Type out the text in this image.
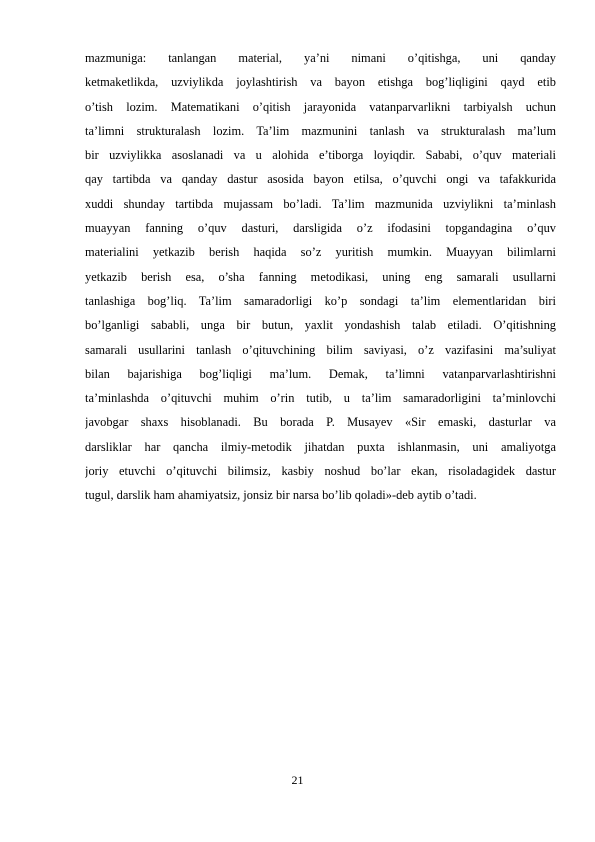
mazmuniga: tanlangan material, ya’ni nimani o’qitishga, uni qanday
ketmaketlikda, uzviylikda joylashtirish va bayon etishga bog’liqligini qayd etib
o’tish lozim. Matematikani o’qitish jarayonida vatanparvarlikni tarbiyalsh uchun
ta’limni strukturalash lozim. Ta’lim mazmunini tanlash va strukturalash ma’lum
bir uzviylikka asoslanadi va u alohida e’tiborga loyiqdir. Sababi, o’quv materiali
qay tartibda va qanday dastur asosida bayon etilsa, o’quvchi ongi va tafakkurida
xuddi shunday tartibda mujassam bo’ladi. Ta’lim mazmunida uzviylikni ta’minlash
muayyan fanning o’quv dasturi, darsligida o’z ifodasini topgandagina o’quv
materialini yetkazib berish haqida so’z yuritish mumkin. Muayyan bilimlarni
yetkazib berish esa, o’sha fanning metodikasi, uning eng samarali usullarni
tanlashiga bog’liq. Ta’lim samaradorligi ko’p sondagi ta’lim elementlaridan biri
bo’lganligi sababli, unga bir butun, yaxlit yondashish talab etiladi. O’qitishning
samarali usullarini tanlash o’qituvchining bilim saviyasi, o’z vazifasini ma’suliyat
bilan bajarishiga bog’liqligi ma’lum. Demak, ta’limni vatanparvarlashtirishni
ta’minlashda o’qituvchi muhim o’rin tutib, u ta’lim samaradorligini ta’minlovchi
javobgar shaxs hisoblanadi. Bu borada P. Musayev «Sir emaski, dasturlar va
darsliklar har qancha ilmiy-metodik jihatdan puxta ishlanmasin, uni amaliyotga
joriy etuvchi o’qituvchi bilimsiz, kasbiy noshud bo’lar ekan, risoladagidek dastur
tugul, darslik ham ahamiyatsiz, jonsiz bir narsa bo’lib qoladi»-deb aytib o’tadi.
21
